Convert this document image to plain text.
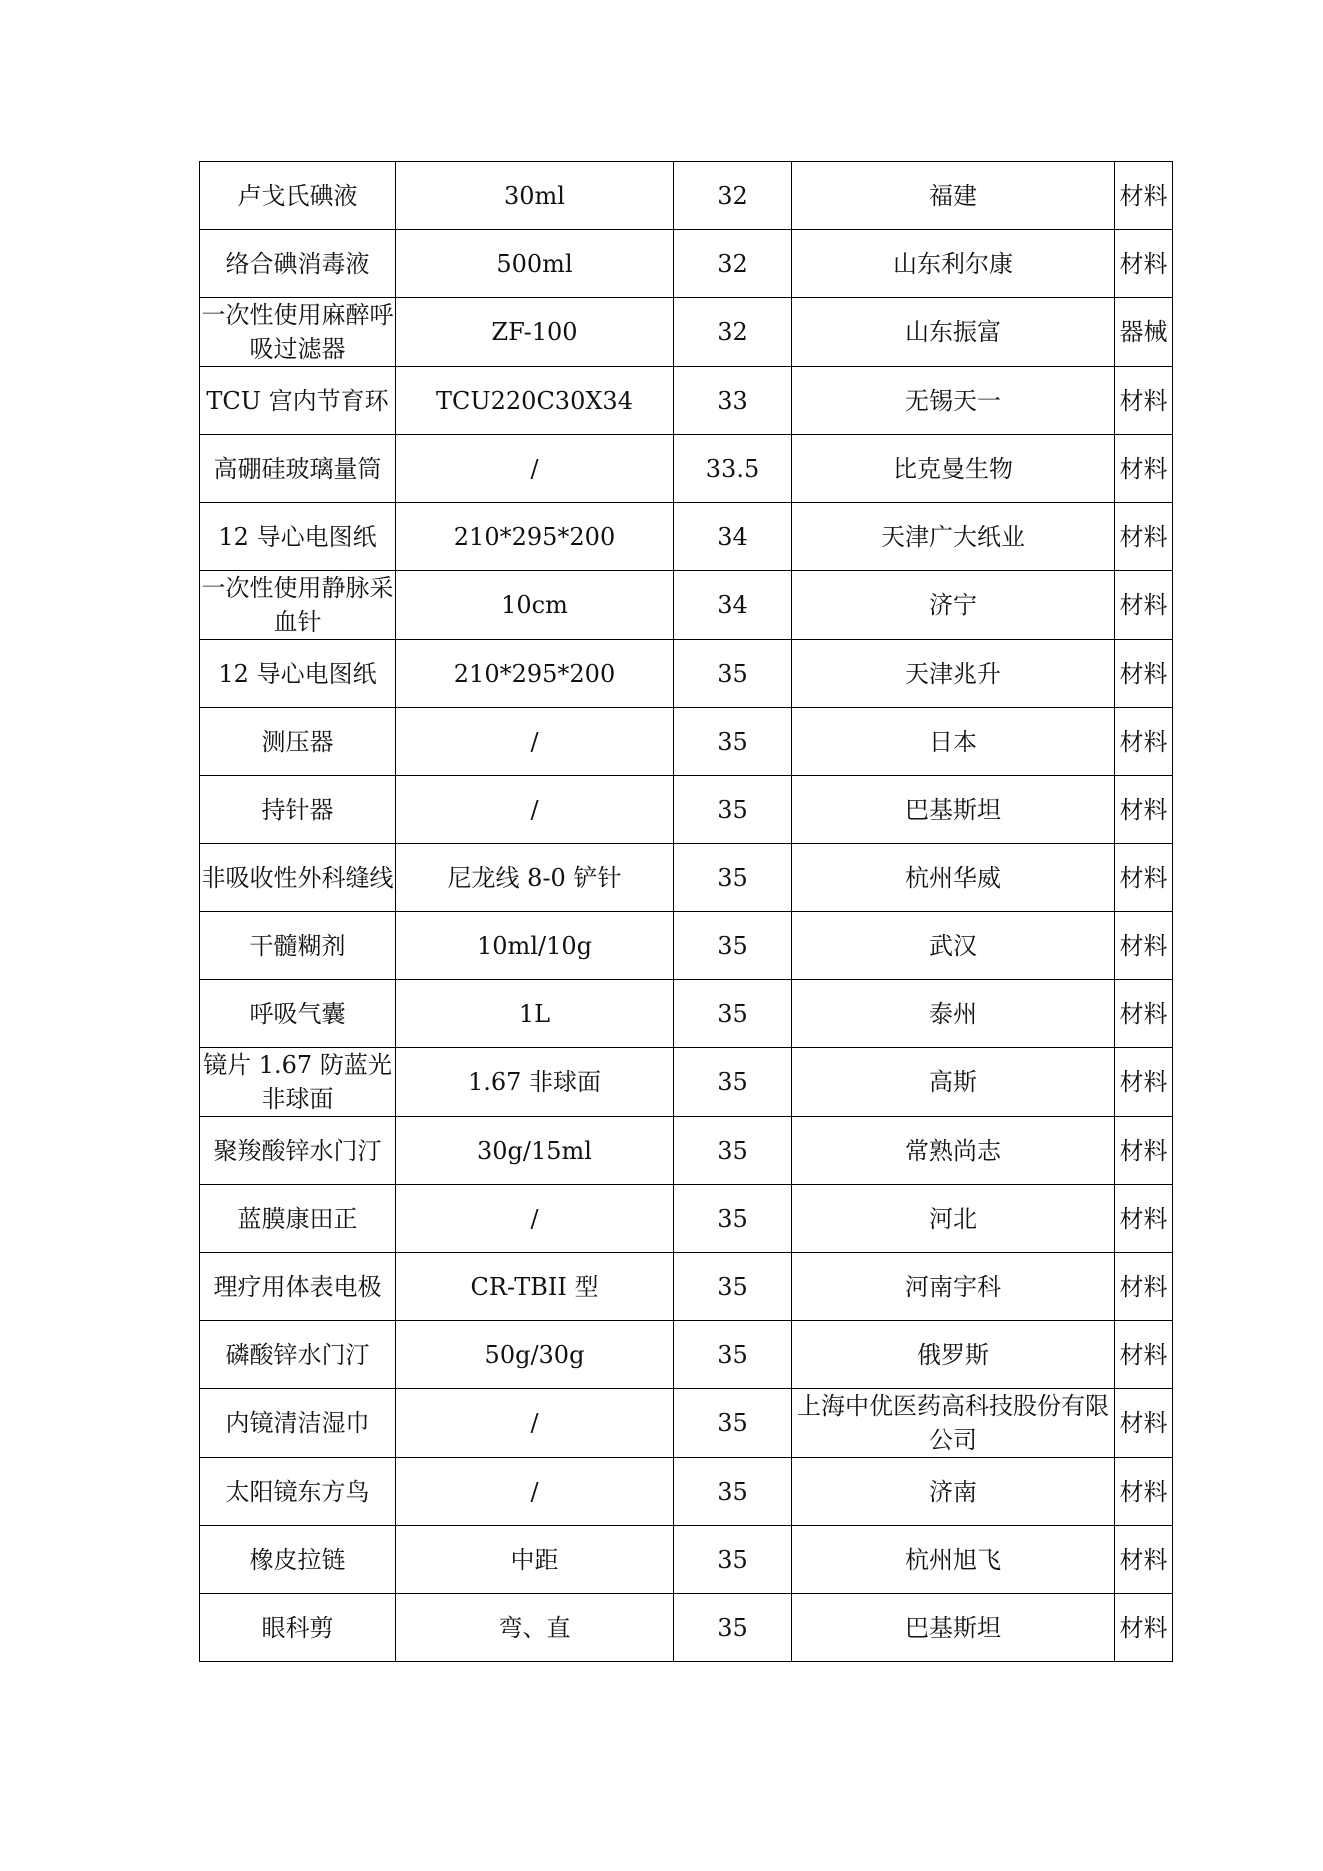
卢戈氏碘液	30ml	32	福建	材料
络合碘消毒液	500ml	32	山东利尔康	材料
一次性使用麻醉呼吸过滤器	ZF-100	32	山东振富	器械
TCU 宫内节育环	TCU220C30X34	33	无锡天一	材料
高硼硅玻璃量筒	/	33.5	比克曼生物	材料
12 导心电图纸	210*295*200	34	天津广大纸业	材料
一次性使用静脉采血针	10cm	34	济宁	材料
12 导心电图纸	210*295*200	35	天津兆升	材料
测压器	/	35	日本	材料
持针器	/	35	巴基斯坦	材料
非吸收性外科缝线	尼龙线 8-0 铲针	35	杭州华威	材料
干髓糊剂	10ml/10g	35	武汉	材料
呼吸气囊	1L	35	泰州	材料
镜片 1.67 防蓝光非球面	1.67 非球面	35	高斯	材料
聚羧酸锌水门汀	30g/15ml	35	常熟尚志	材料
蓝膜康田正	/	35	河北	材料
理疗用体表电极	CR-TBII 型	35	河南宇科	材料
磷酸锌水门汀	50g/30g	35	俄罗斯	材料
内镜清洁湿巾	/	35	上海中优医药高科技股份有限公司	材料
太阳镜东方鸟	/	35	济南	材料
橡皮拉链	中距	35	杭州旭飞	材料
眼科剪	弯、直	35	巴基斯坦	材料
